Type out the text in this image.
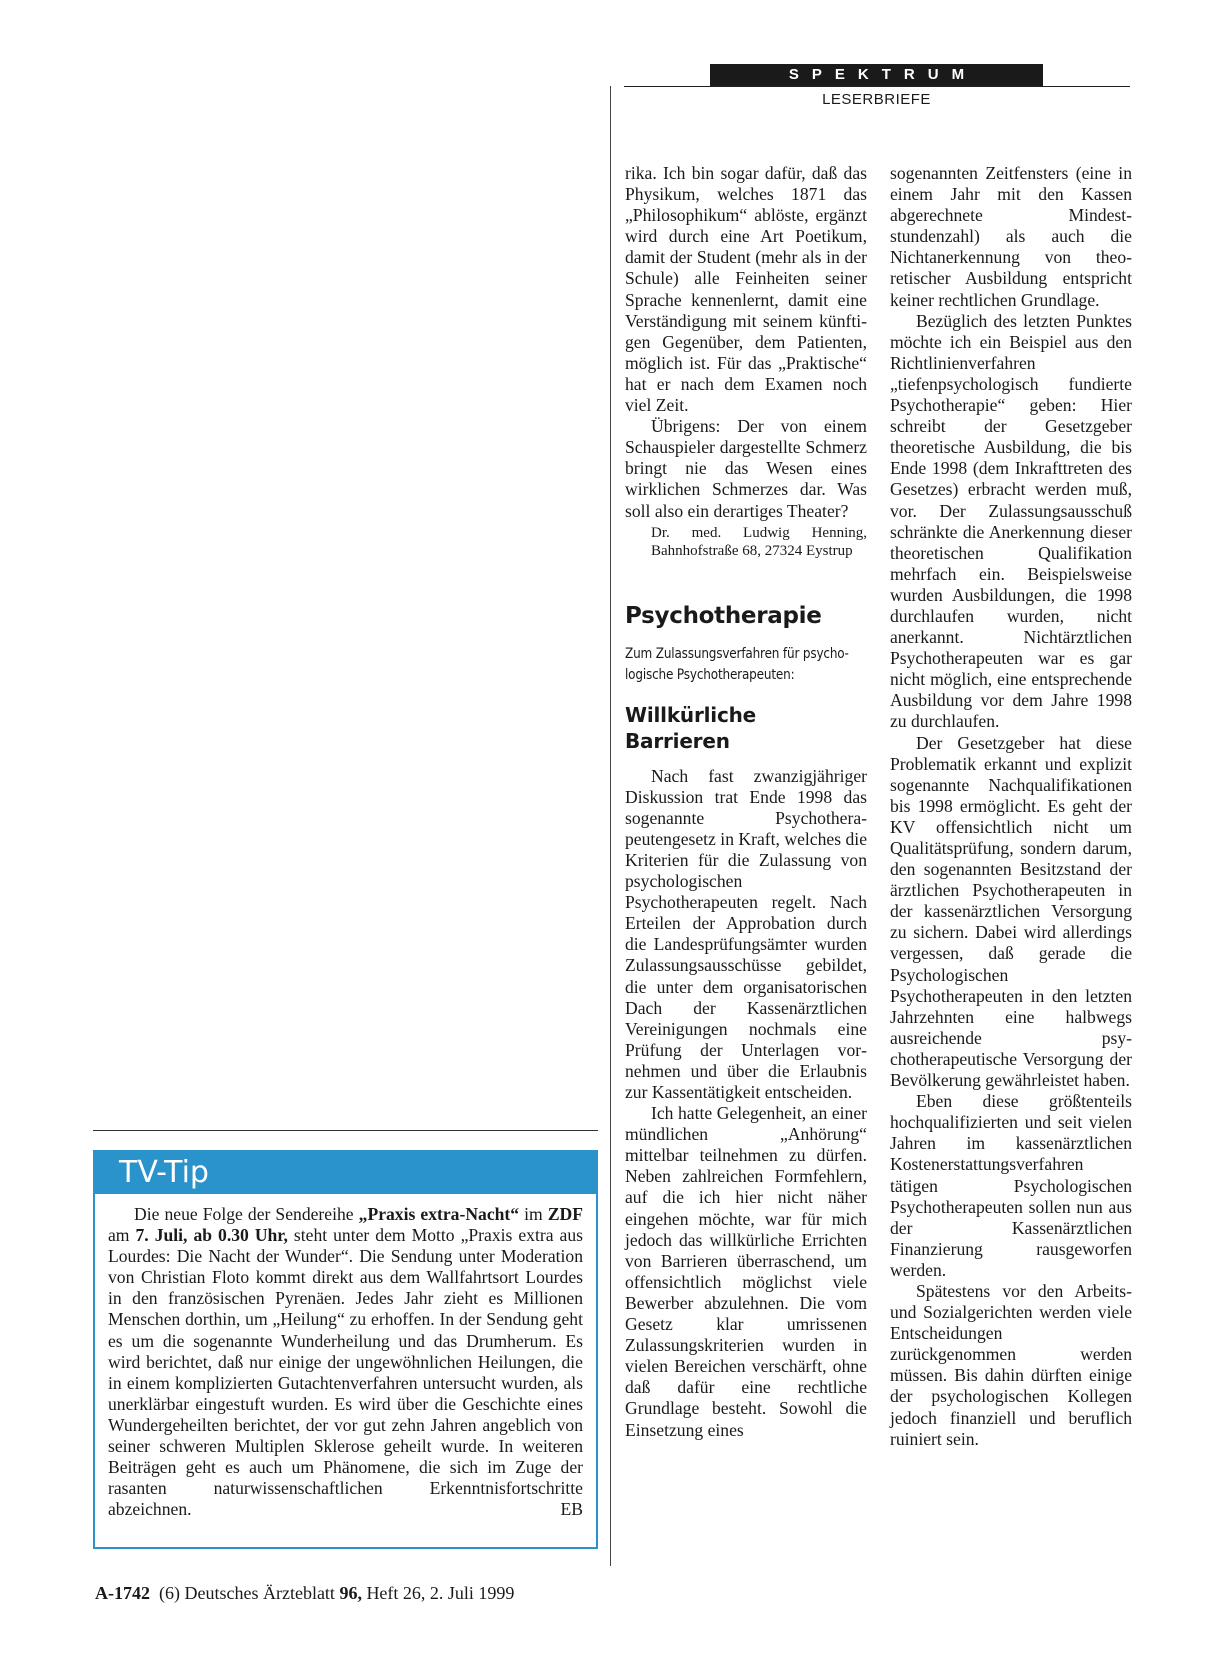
SPEKTRUM
LESERBRIEFE

rika. Ich bin sogar dafür, daß das Physikum, welches 1871 das „Philosophikum“ ablöste, ergänzt wird durch eine Art Poetikum, damit der Student (mehr als in der Schule) alle Feinheiten seiner Sprache kennenlernt, damit eine Verständigung mit seinem künftigen Gegenüber, dem Patienten, möglich ist. Für das „Praktische“ hat er nach dem Examen noch viel Zeit.

Übrigens: Der von einem Schauspieler dargestellte Schmerz bringt nie das Wesen eines wirklichen Schmerzes dar. Was soll also ein derartiges Theater?

Dr. med. Ludwig Henning, Bahnhofstraße 68, 27324 Eystrup

Psychotherapie
Zum Zulassungsverfahren für psychologische Psychotherapeuten:
Willkürliche Barrieren

Nach fast zwanzigjähriger Diskussion trat Ende 1998 das sogenannte Psychotherapeutengesetz in Kraft, welches die Kriterien für die Zulassung von psychologischen Psychotherapeuten regelt. Nach Erteilen der Approbation durch die Landesprüfungsämter wurden Zulassungsausschüsse gebildet, die unter dem organisatorischen Dach der Kassenärztlichen Vereinigungen nochmals eine Prüfung der Unterlagen vornehmen und über die Erlaubnis zur Kassentätigkeit entscheiden.

Ich hatte Gelegenheit, an einer mündlichen „Anhörung“ mittelbar teilnehmen zu dürfen. Neben zahlreichen Formfehlern, auf die ich hier nicht näher eingehen möchte, war für mich jedoch das willkürliche Errichten von Barrieren überraschend, um offensichtlich möglichst viele Bewerber abzulehnen. Die vom Gesetz klar umrissenen Zulassungskriterien wurden in vielen Bereichen verschärft, ohne daß dafür eine rechtliche Grundlage besteht. Sowohl die Einsetzung eines

sogenannten Zeitfensters (eine in einem Jahr mit den Kassen abgerechnete Mindeststundenzahl) als auch die Nichtanerkennung von theoretischer Ausbildung entspricht keiner rechtlichen Grundlage.

Bezüglich des letzten Punktes möchte ich ein Beispiel aus den Richtlinienverfahren „tiefenpsychologisch fundierte Psychotherapie“ geben: Hier schreibt der Gesetzgeber theoretische Ausbildung, die bis Ende 1998 (dem Inkrafttreten des Gesetzes) erbracht werden muß, vor. Der Zulassungsausschuß schränkte die Anerkennung dieser theoretischen Qualifikation mehrfach ein. Beispielsweise wurden Ausbildungen, die 1998 durchlaufen wurden, nicht anerkannt. Nichtärztlichen Psychotherapeuten war es gar nicht möglich, eine entsprechende Ausbildung vor dem Jahre 1998 zu durchlaufen.

Der Gesetzgeber hat diese Problematik erkannt und explizit sogenannte Nachqualifikationen bis 1998 ermöglicht. Es geht der KV offensichtlich nicht um Qualitätsprüfung, sondern darum, den sogenannten Besitzstand der ärztlichen Psychotherapeuten in der kassenärztlichen Versorgung zu sichern. Dabei wird allerdings vergessen, daß gerade die Psychologischen Psychotherapeuten in den letzten Jahrzehnten eine halbwegs ausreichende psychotherapeutische Versorgung der Bevölkerung gewährleistet haben.

Eben diese größtenteils hochqualifizierten und seit vielen Jahren im kassenärztlichen Kostenerstattungsverfahren tätigen Psychologischen Psychotherapeuten sollen nun aus der Kassenärztlichen Finanzierung rausgeworfen werden.

Spätestens vor den Arbeits- und Sozialgerichten werden viele Entscheidungen zurückgenommen werden müssen. Bis dahin dürften einige der psychologischen Kollegen jedoch finanziell und beruflich ruiniert sein.

TV-Tip
Die neue Folge der Sendereihe „Praxis extra-Nacht“ im ZDF am 7. Juli, ab 0.30 Uhr, steht unter dem Motto „Praxis extra aus Lourdes: Die Nacht der Wunder“. Die Sendung unter Moderation von Christian Floto kommt direkt aus dem Wallfahrtsort Lourdes in den französischen Pyrenäen. Jedes Jahr zieht es Millionen Menschen dorthin, um „Heilung“ zu erhoffen. In der Sendung geht es um die sogenannte Wunderheilung und das Drumherum. Es wird berichtet, daß nur einige der ungewöhnlichen Heilungen, die in einem komplizierten Gutachtenverfahren untersucht wurden, als unerklärbar eingestuft wurden. Es wird über die Geschichte eines Wundergeheilten berichtet, der vor gut zehn Jahren angeblich von seiner schweren Multiplen Sklerose geheilt wurde. In weiteren Beiträgen geht es auch um Phänomene, die sich im Zuge der rasanten naturwissenschaftlichen Erkenntnisfortschritte abzeichnen.	EB
A-1742 (6) Deutsches Ärzteblatt 96, Heft 26, 2. Juli 1999
